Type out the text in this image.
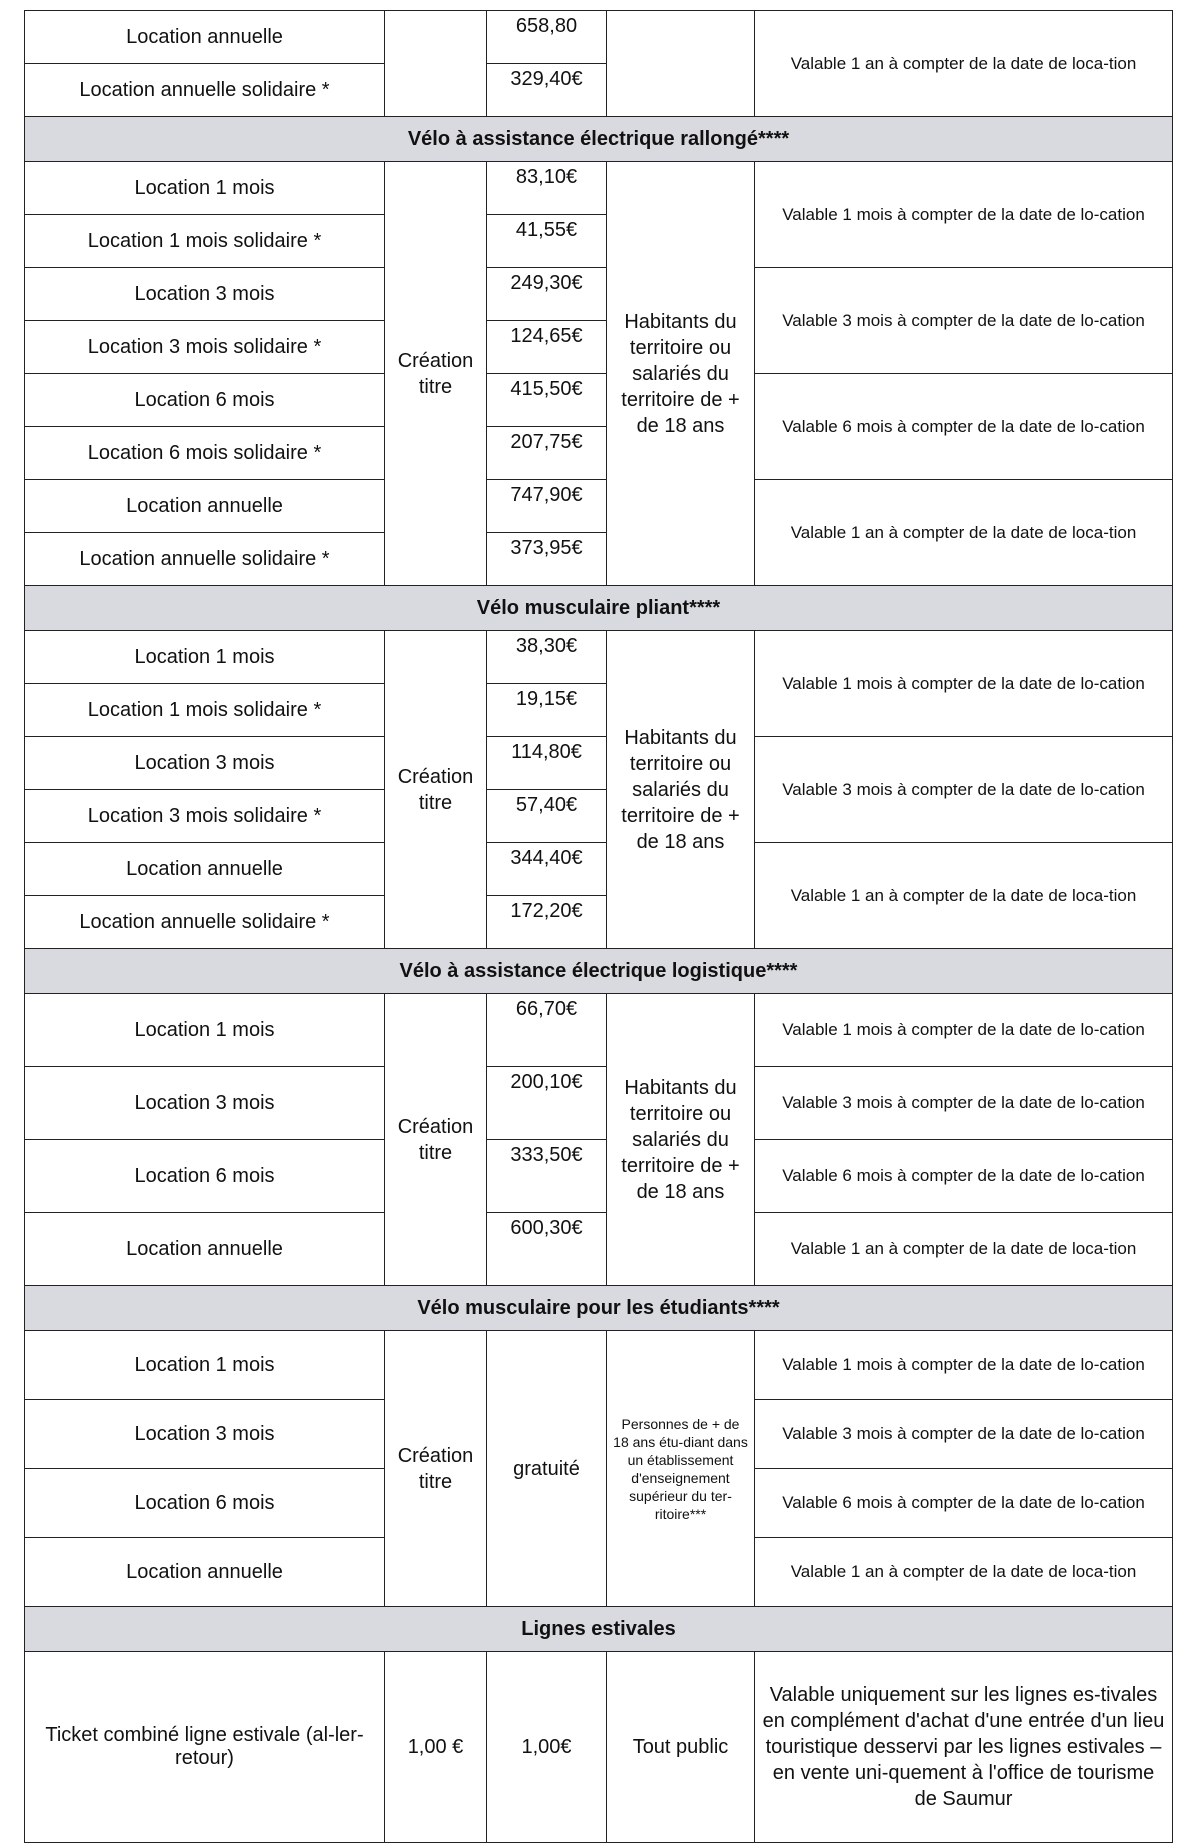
Location annuelle		658,80		Valable 1 an à compter de la date de loca-tion
Location annuelle solidaire *		329,40€		
Vélo à assistance électrique rallongé****				
Location 1 mois	Création titre	83,10€	Habitants du territoire ou salariés du territoire de + de 18 ans	Valable 1 mois à compter de la date de lo-cation
Location 1 mois solidaire *		41,55€		
Location 3 mois		249,30€		Valable 3 mois à compter de la date de lo-cation
Location 3 mois solidaire *		124,65€		
Location 6 mois		415,50€		Valable 6 mois à compter de la date de lo-cation
Location 6 mois solidaire *		207,75€		
Location annuelle		747,90€		Valable 1 an à compter de la date de loca-tion
Location annuelle solidaire *		373,95€		
Vélo musculaire pliant****				
Location 1 mois	Création titre	38,30€	Habitants du territoire ou salariés du territoire de + de 18 ans	Valable 1 mois à compter de la date de lo-cation
Location 1 mois solidaire *		19,15€		
Location 3 mois		114,80€		Valable 3 mois à compter de la date de lo-cation
Location 3 mois solidaire *		57,40€		
Location annuelle		344,40€		Valable 1 an à compter de la date de loca-tion
Location annuelle solidaire *		172,20€		
Vélo à assistance électrique logistique****				
Location 1 mois	Création titre	66,70€	Habitants du territoire ou salariés du territoire de + de 18 ans	Valable 1 mois à compter de la date de lo-cation
Location 3 mois		200,10€		Valable 3 mois à compter de la date de lo-cation
Location 6 mois		333,50€		Valable 6 mois à compter de la date de lo-cation
Location annuelle		600,30€		Valable 1 an à compter de la date de loca-tion
Vélo musculaire pour les étudiants****				
Location 1 mois	Création titre	gratuité	Personnes de + de 18 ans étu-diant dans un établissement d'enseignement supérieur du ter-ritoire***	Valable 1 mois à compter de la date de lo-cation
Location 3 mois				Valable 3 mois à compter de la date de lo-cation
Location 6 mois				Valable 6 mois à compter de la date de lo-cation
Location annuelle				Valable 1 an à compter de la date de loca-tion
Lignes estivales				
Ticket combiné ligne estivale (al-ler-retour)	1,00 €	1,00€	Tout public	Valable uniquement sur les lignes es-tivales en complément d'achat d'une entrée d'un lieu touristique desservi par les lignes estivales – en vente uni-quement à l'office de tourisme de Saumur
